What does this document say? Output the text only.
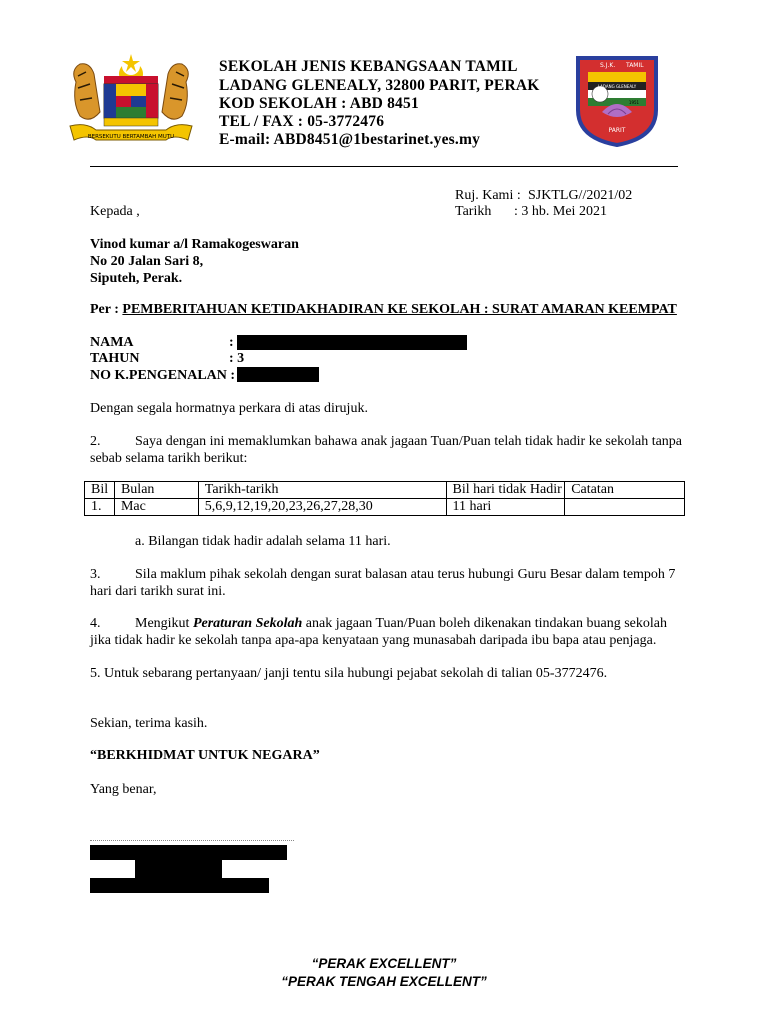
BERSEKUTU BERTAMBAH MUTU
SEKOLAH JENIS KEBANGSAAN TAMIL
LADANG GLENEALY, 32800 PARIT, PERAK
KOD SEKOLAH : ABD 8451
TEL / FAX : 05-3772476
E-mail: ABD8451@1bestarinet.yes.my
S.J.K. TAMIL
LADANG GLENEALY
1951
PARIT
Ruj. Kami : SJKTLG//2021/02
Tarikh : 3 hb. Mei 2021
Kepada ,
Vinod kumar a/l Ramakogeswaran
No 20 Jalan Sari 8,
Siputeh, Perak.
Per : PEMBERITAHUAN KETIDAKHADIRAN KE SEKOLAH : SURAT AMARAN KEEMPAT
NAMA	:
TAHUN	: 3
NO K.PENGENALAN :
Dengan segala hormatnya perkara di atas dirujuk.
2. Saya dengan ini memaklumkan bahawa anak jagaan Tuan/Puan telah tidak hadir ke sekolah tanpa
sebab selama tarikh berikut:
Bil	Bulan	Tarikh-tarikh	Bil hari tidak Hadir	Catatan
1.	Mac	5,6,9,12,19,20,23,26,27,28,30	11 hari	
a. Bilangan tidak hadir adalah selama 11 hari.
3. Sila maklum pihak sekolah dengan surat balasan atau terus hubungi Guru Besar dalam tempoh 7
hari dari tarikh surat ini.
4. Mengikut Peraturan Sekolah anak jagaan Tuan/Puan boleh dikenakan tindakan buang sekolah
jika tidak hadir ke sekolah tanpa apa-apa kenyataan yang munasabah daripada ibu bapa atau penjaga.
5. Untuk sebarang pertanyaan/ janji tentu sila hubungi pejabat sekolah di talian 05-3772476.
Sekian, terima kasih.
“BERKHIDMAT UNTUK NEGARA”
Yang benar,
“PERAK EXCELLENT”
“PERAK TENGAH EXCELLENT”
